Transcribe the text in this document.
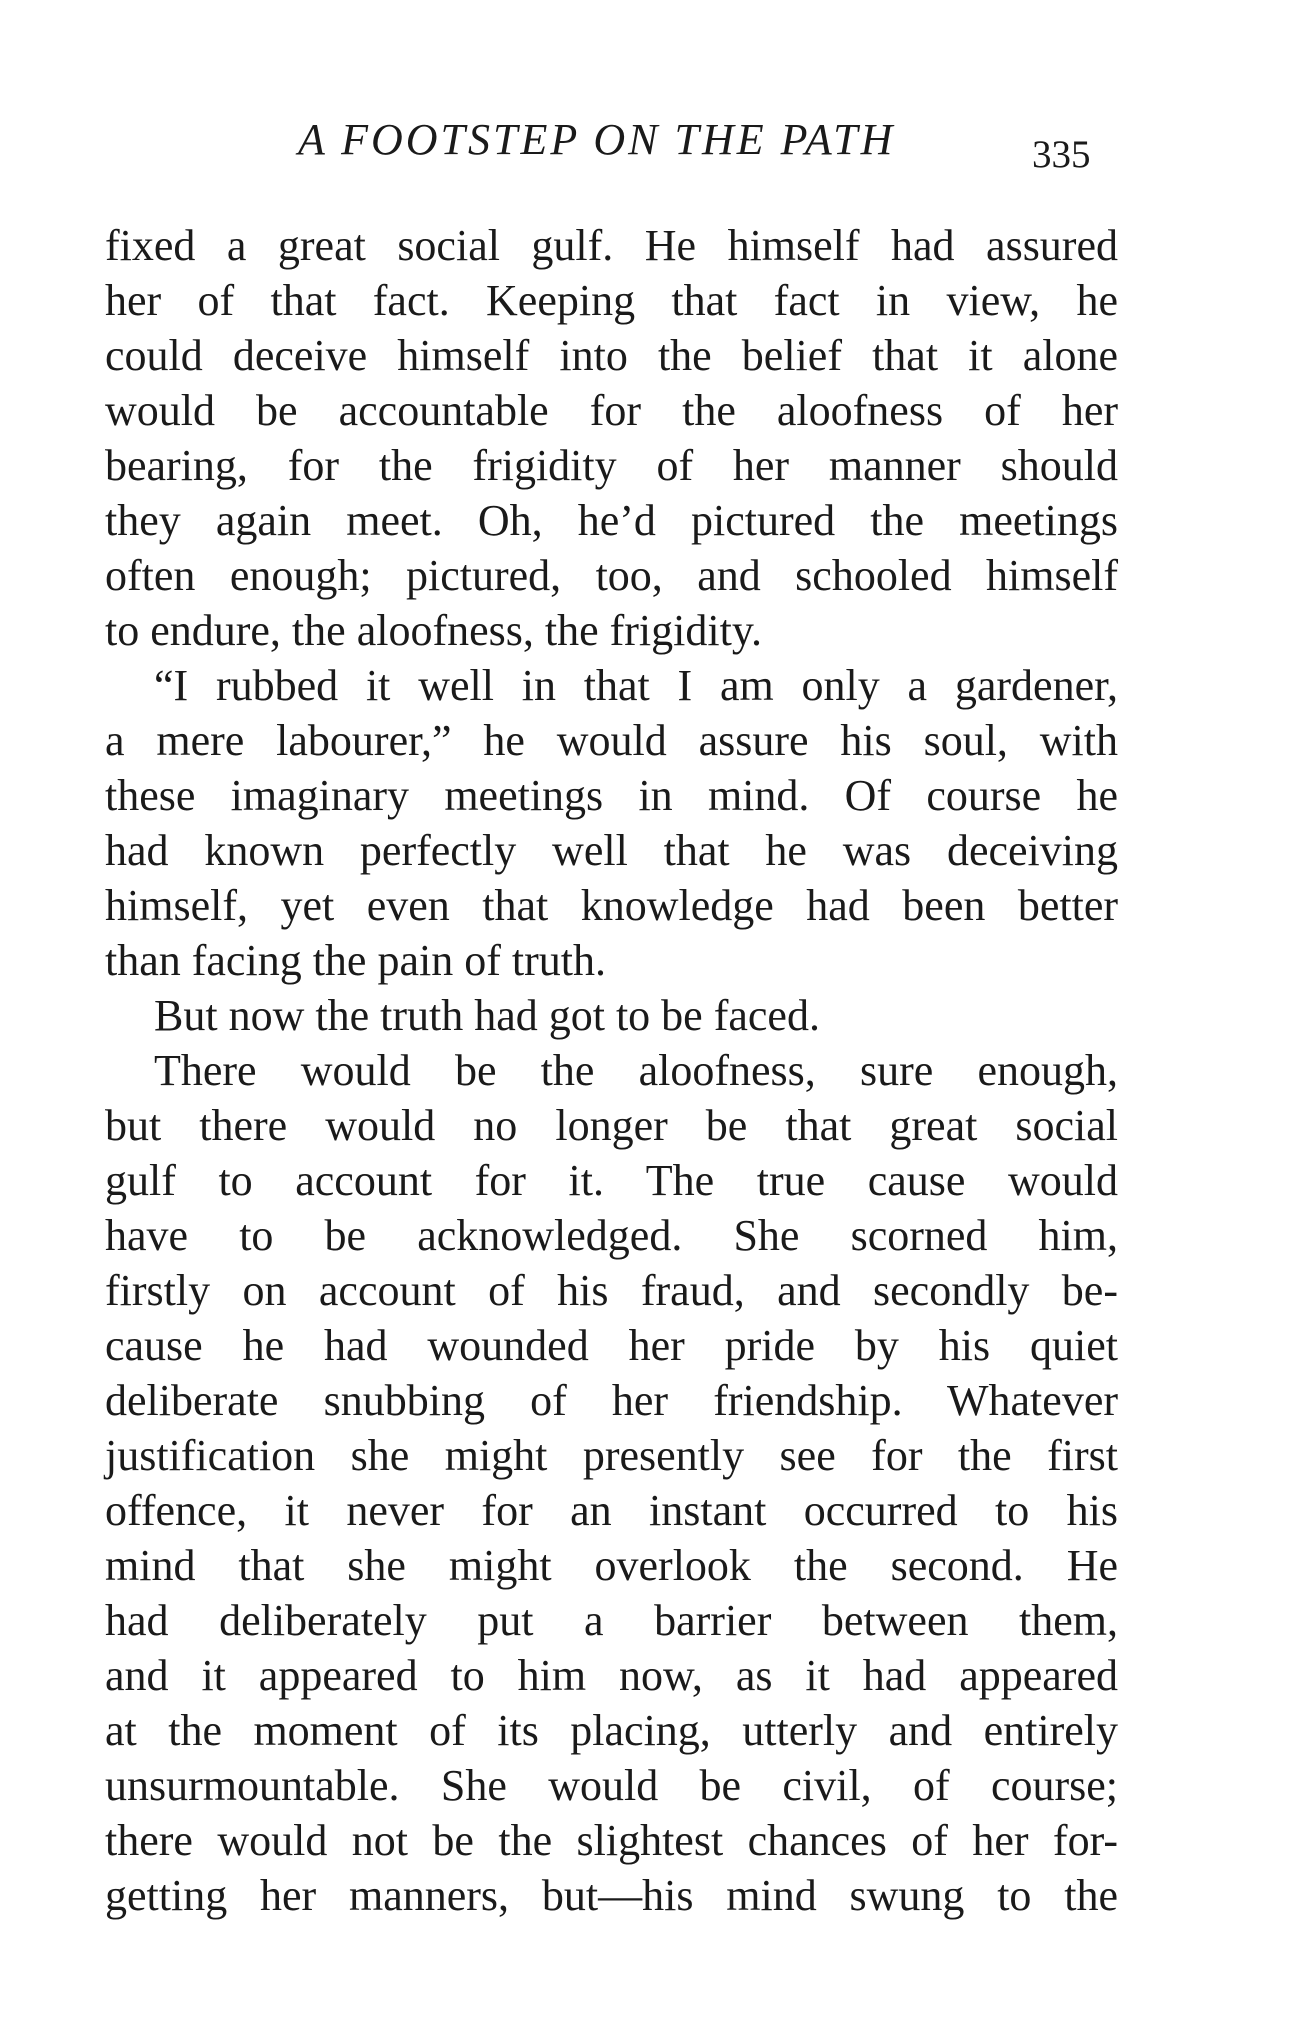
A FOOTSTEP ON THE PATH	335
fixed a great social gulf. He himself had assured
her of that fact. Keeping that fact in view, he
could deceive himself into the belief that it alone
would be accountable for the aloofness of her
bearing, for the frigidity of her manner should
they again meet. Oh, he’d pictured the meetings
often enough; pictured, too, and schooled himself
to endure, the aloofness, the frigidity.
“I rubbed it well in that I am only a gardener,
a mere labourer,” he would assure his soul, with
these imaginary meetings in mind. Of course he
had known perfectly well that he was deceiving
himself, yet even that knowledge had been better
than facing the pain of truth.
But now the truth had got to be faced.
There would be the aloofness, sure enough,
but there would no longer be that great social
gulf to account for it. The true cause would
have to be acknowledged. She scorned him,
firstly on account of his fraud, and secondly be-
cause he had wounded her pride by his quiet
deliberate snubbing of her friendship. Whatever
justification she might presently see for the first
offence, it never for an instant occurred to his
mind that she might overlook the second. He
had deliberately put a barrier between them,
and it appeared to him now, as it had appeared
at the moment of its placing, utterly and entirely
unsurmountable. She would be civil, of course;
there would not be the slightest chances of her for-
getting her manners, but—his mind swung to the
